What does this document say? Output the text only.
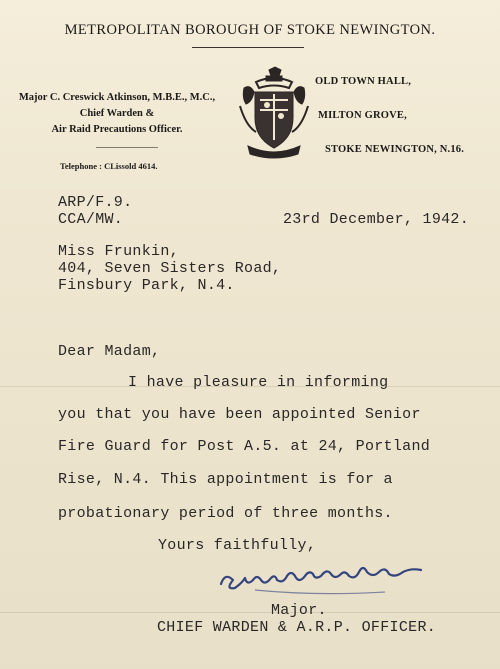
METROPOLITAN BOROUGH OF STOKE NEWINGTON.
Major C. Creswick Atkinson, M.B.E., M.C.,
Chief Warden &
Air Raid Precautions Officer.
Telephone : CLissold 4614.
OLD TOWN HALL,
MILTON GROVE,
STOKE NEWINGTON, N.16.
ARP/F.9.
CCA/MW.	23rd December, 1942.
Miss Frunkin,
404, Seven Sisters Road,
Finsbury Park, N.4.
Dear Madam,
I have pleasure in informing
you that you have been appointed Senior
Fire Guard for Post A.5. at 24, Portland
Rise, N.4. This appointment is for a
probationary period of three months.
Yours faithfully,
Major.
CHIEF WARDEN & A.R.P. OFFICER.
